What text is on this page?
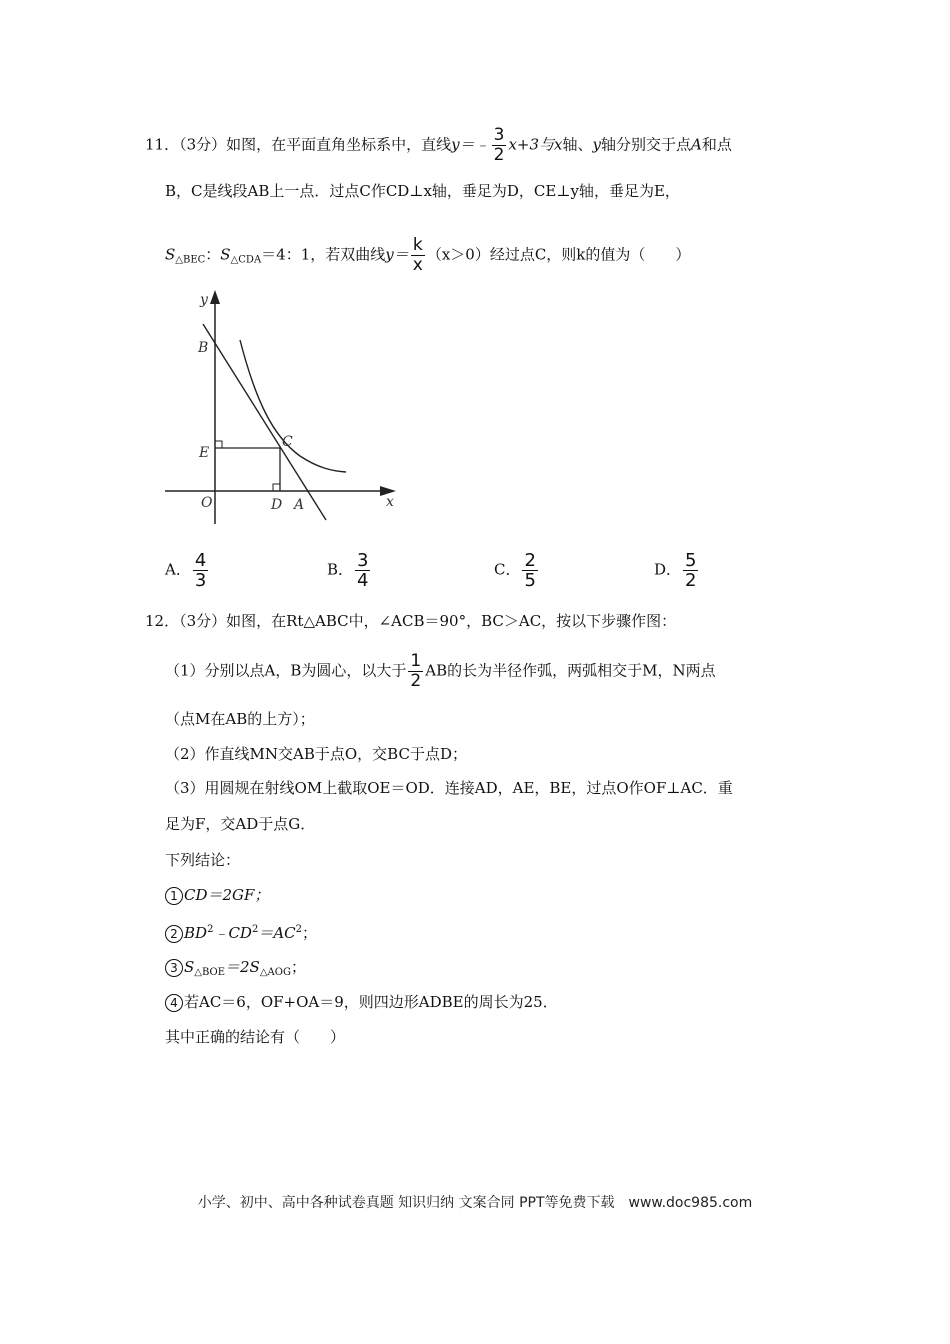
11．（3分）如图，在平面直角坐标系中，直线y＝﹣ $\frac{3}{2} x+3$与x轴、y轴分别交于点A和点
B，C是线段AB上一点．过点C作CD⊥x轴，垂足为D，CE⊥y轴，垂足为E，
$S_{\triangle BEC}$：$S_{\triangle CDA}=4$：1，若双曲线$y= \frac{k}{x} (x>0)$经过点C，则k的值为（　　）
y
B
E
C
O	D A	x
A． $\frac{4}{3}$	B． $\frac{3}{4}$	C． $\frac{2}{5}$	D． $\frac{5}{2}$
12．（3分）如图，在Rt△ABC中，∠ACB＝90°，BC＞AC，按以下步骤作图：
（1）分别以点A，B为圆心，以大于 $\frac{1}{2}$ AB的长为半径作弧，两弧相交于M，N两点
（点M在AB的上方）；
（2）作直线MN交AB于点O，交BC于点D；
（3）用圆规在射线OM上截取OE＝OD．连接AD，AE，BE，过点O作OF⊥AC．重
足为F，交AD于点G．
下列结论：
1 CD＝2GF；
2 $BD^2﹣CD^2=AC^2$；
3 $S_{\triangle BOE}=2S_{\triangle AOG}$；
4 若AC＝6，OF+OA＝9，则四边形ADBE的周长为25．
其中正确的结论有（　　）
小学、初中、高中各种试卷真题 知识归纳 文案合同 PPT等免费下载　www.doc985.com
